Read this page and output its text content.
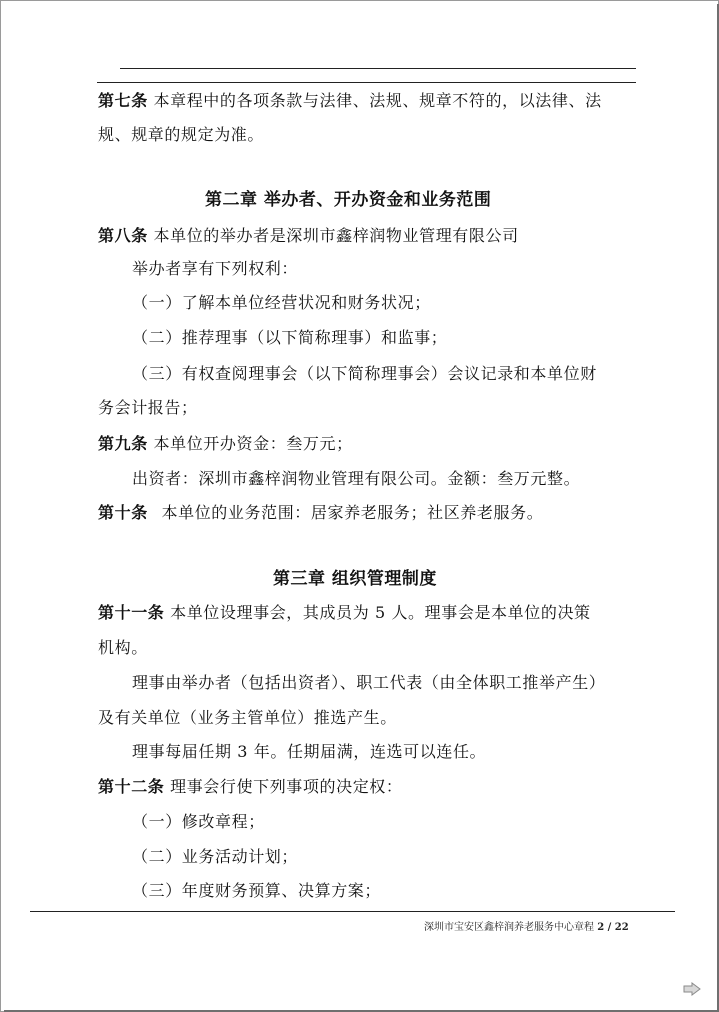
第七条 本章程中的各项条款与法律、法规、规章不符的，以法律、法
规、规章的规定为准。
第二章 举办者、开办资金和业务范围
第八条 本单位的举办者是深圳市鑫梓润物业管理有限公司
举办者享有下列权利：
（一）了解本单位经营状况和财务状况；
（二）推荐理事（以下简称理事）和监事；
（三）有权查阅理事会（以下简称理事会）会议记录和本单位财
务会计报告；
第九条 本单位开办资金：叁万元；
出资者：深圳市鑫梓润物业管理有限公司。金额：叁万元整。
第十条 本单位的业务范围：居家养老服务；社区养老服务。
第三章 组织管理制度
第十一条 本单位设理事会，其成员为 5 人。理事会是本单位的决策
机构。
理事由举办者（包括出资者）、职工代表（由全体职工推举产生）
及有关单位（业务主管单位）推选产生。
理事每届任期 3 年。任期届满，连选可以连任。
第十二条 理事会行使下列事项的决定权：
（一）修改章程；
（二）业务活动计划；
（三）年度财务预算、决算方案；
深圳市宝安区鑫梓润养老服务中心章程 2 / 22
